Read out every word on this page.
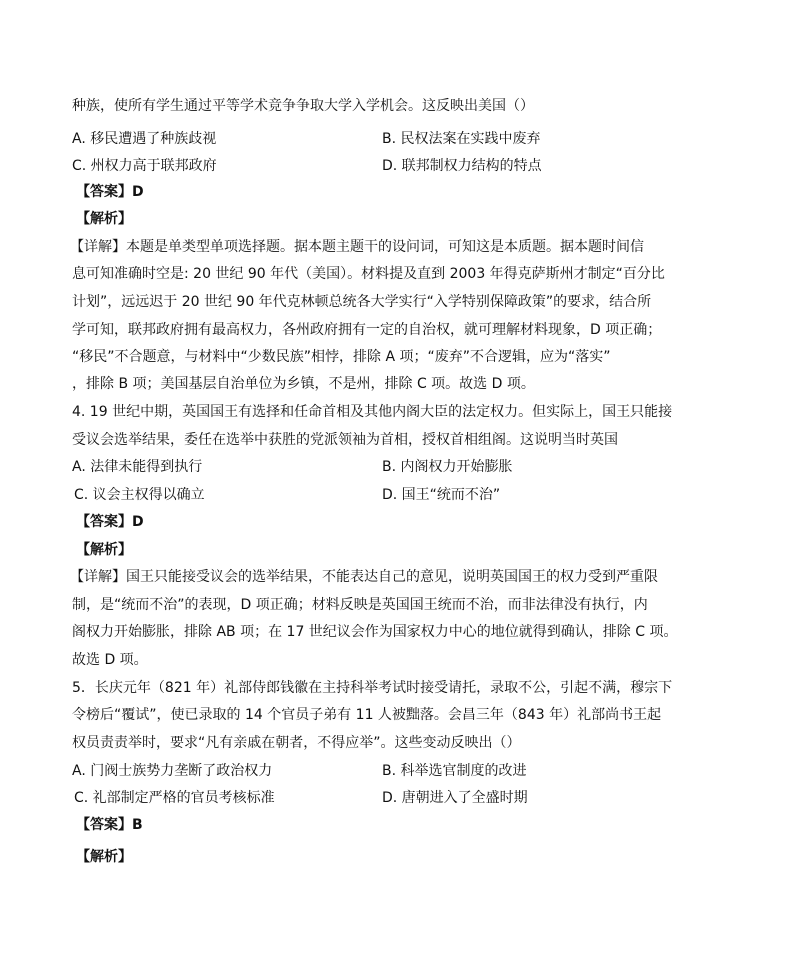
种族，使所有学生通过平等学术竞争争取大学入学机会。这反映出美国（）
A. 移民遭遇了种族歧视	B. 民权法案在实践中废弃
C. 州权力高于联邦政府	D. 联邦制权力结构的特点
【答案】D
【解析】
【详解】本题是单类型单项选择题。据本题主题干的设问词，可知这是本质题。据本题时间信
息可知准确时空是: 20 世纪 90 年代（美国）。材料提及直到 2003 年得克萨斯州才制定“百分比
计划”，远远迟于 20 世纪 90 年代克林顿总统各大学实行“入学特别保障政策”的要求，结合所
学可知，联邦政府拥有最高权力，各州政府拥有一定的自治权，就可理解材料现象，D 项正确；
“移民”不合题意，与材料中“少数民族”相悖，排除 A 项；“废弃”不合逻辑，应为“落实”
，排除 B 项；美国基层自治单位为乡镇，不是州，排除 C 项。故选 D 项。
4. 19 世纪中期，英国国王有选择和任命首相及其他内阁大臣的法定权力。但实际上，国王只能接
受议会选举结果，委任在选举中获胜的党派领袖为首相，授权首相组阁。这说明当时英国
A. 法律未能得到执行	B. 内阁权力开始膨胀
C. 议会主权得以确立	D. 国王“统而不治”
【答案】D
【解析】
【详解】国王只能接受议会的选举结果，不能表达自己的意见，说明英国国王的权力受到严重限
制，是“统而不治”的表现，D 项正确；材料反映是英国国王统而不治，而非法律没有执行，内
阁权力开始膨胀，排除 AB 项；在 17 世纪议会作为国家权力中心的地位就得到确认，排除 C 项。
故选 D 项。
5．长庆元年（821 年）礼部侍郎钱徽在主持科举考试时接受请托，录取不公，引起不满，穆宗下
令榜后“覆试”，使已录取的 14 个官员子弟有 11 人被黜落。会昌三年（843 年）礼部尚书王起
权员责责举时，要求“凡有亲戚在朝者，不得应举”。这些变动反映出（）
A. 门阀士族势力垄断了政治权力	B. 科举选官制度的改进
C. 礼部制定严格的官员考核标准	D. 唐朝进入了全盛时期
【答案】B
【解析】
